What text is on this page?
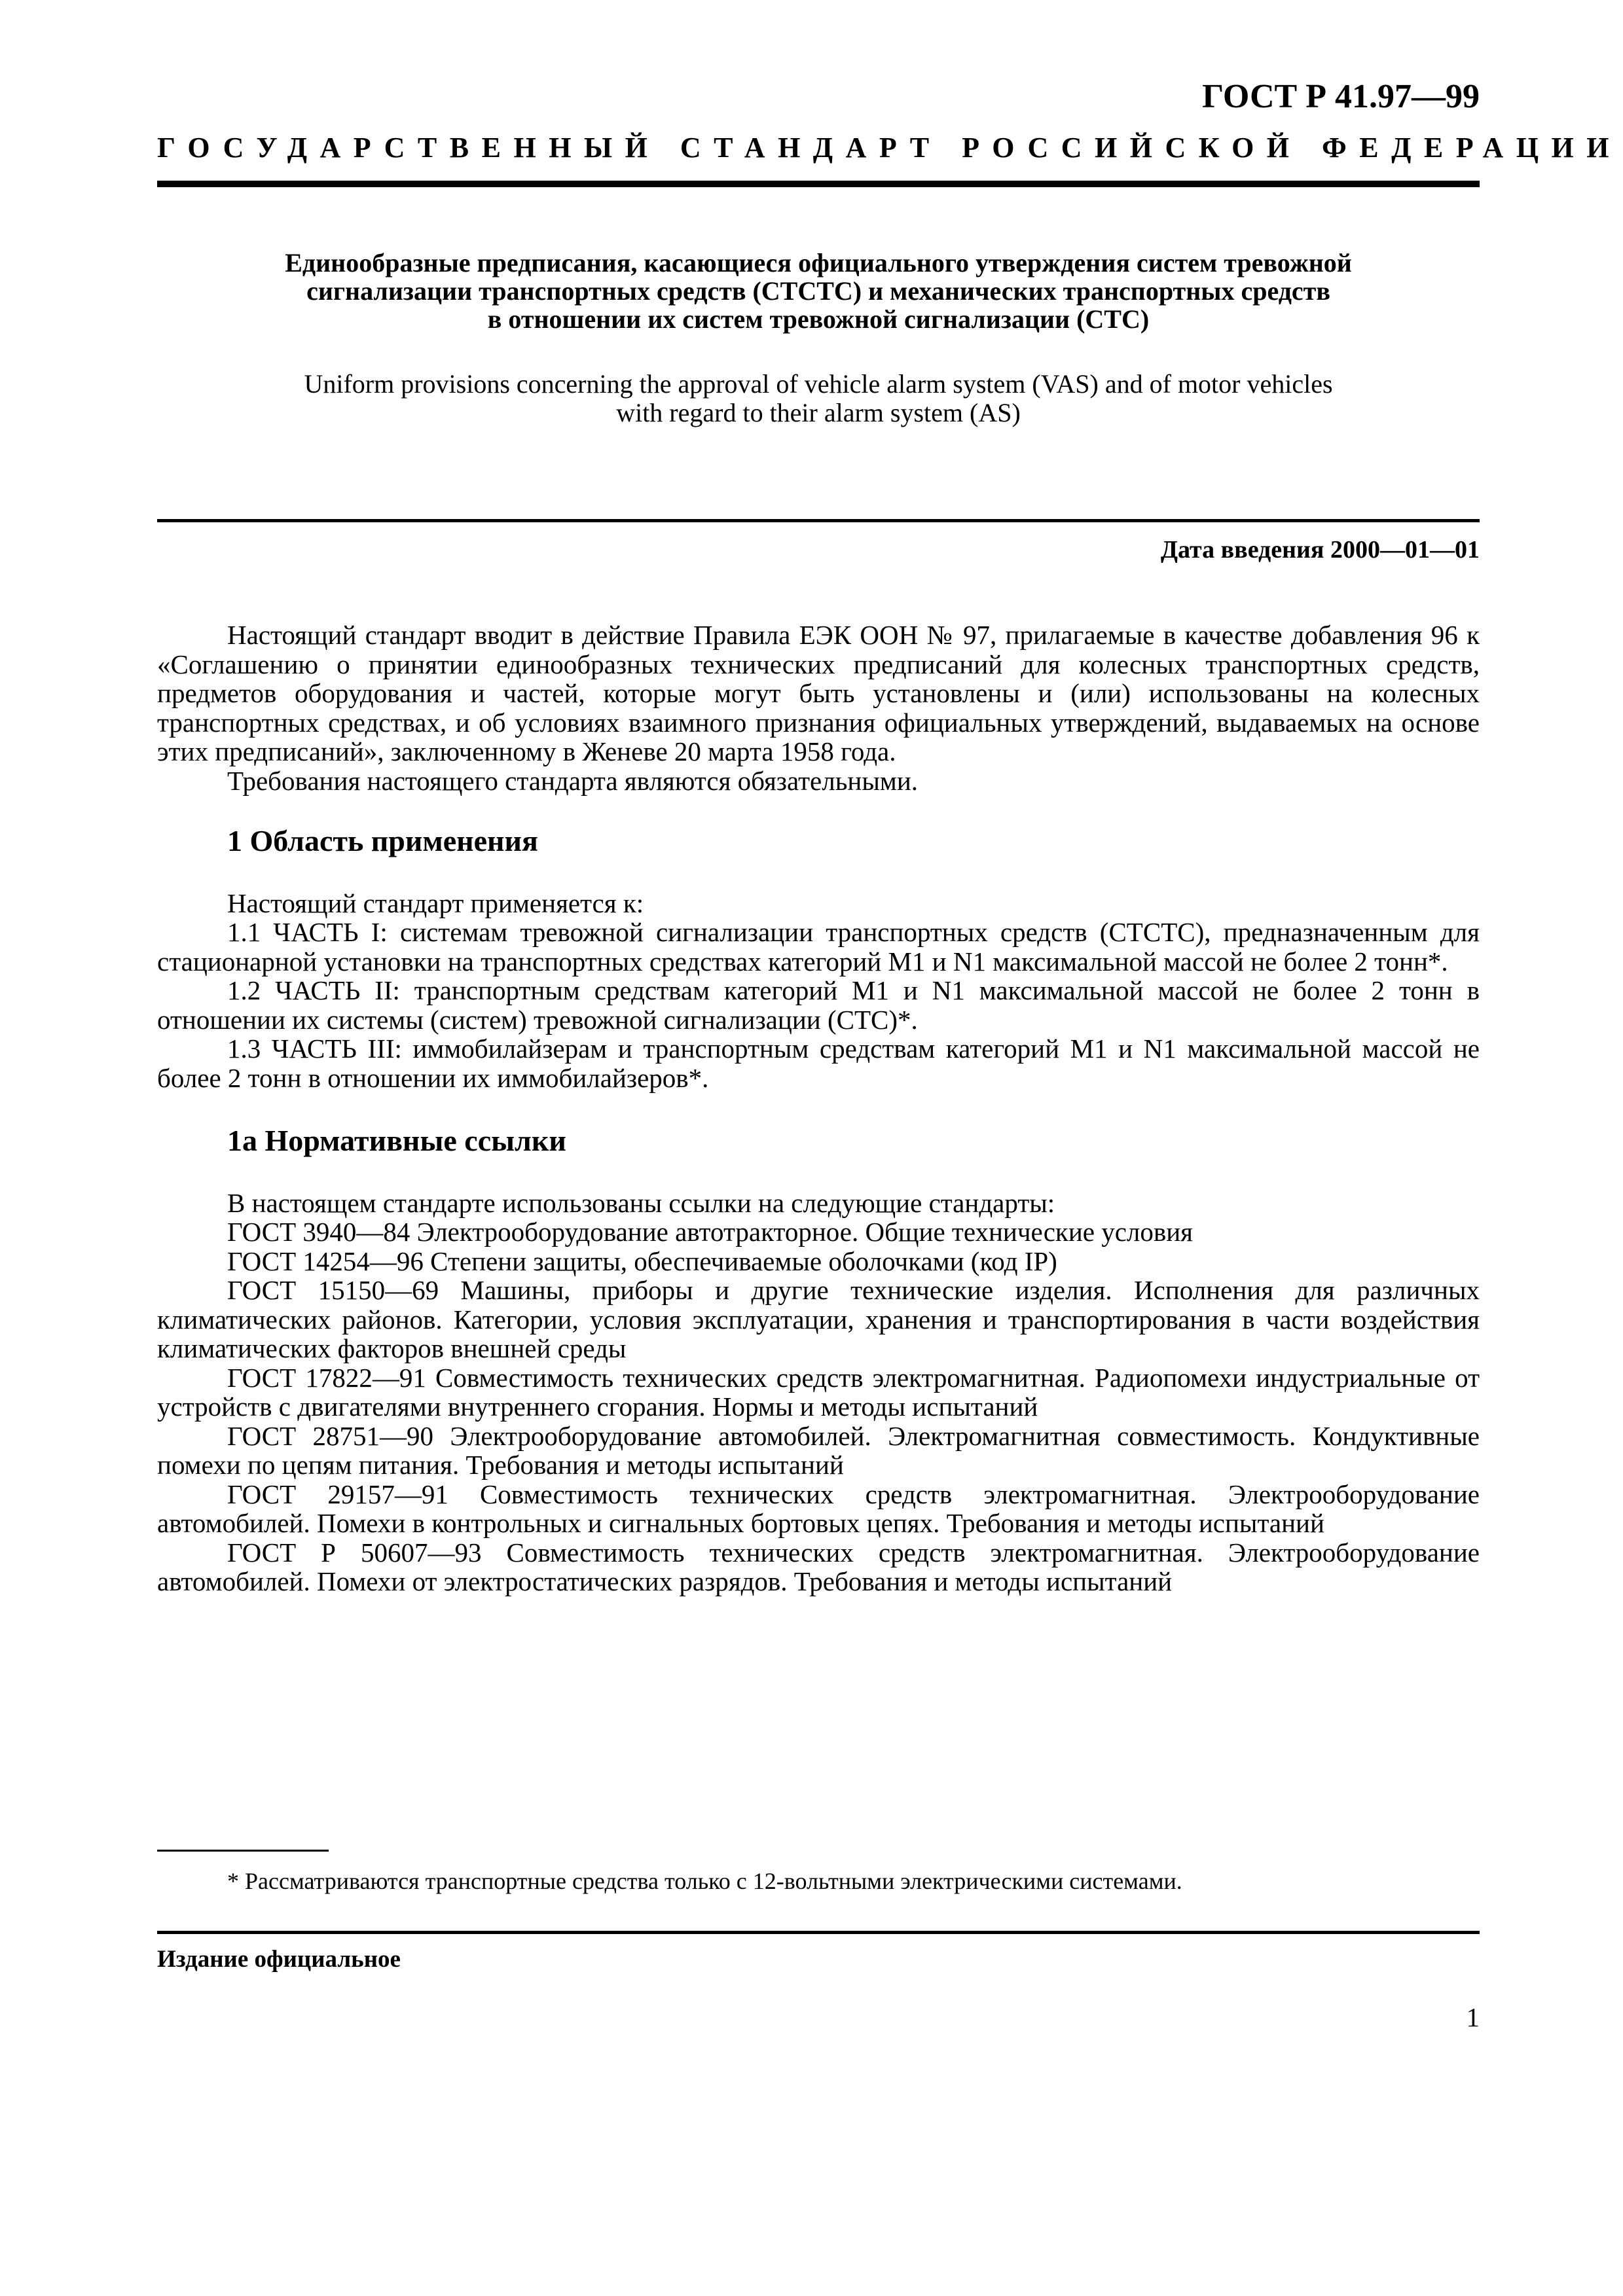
ГОСТ Р 41.97—99

ГОСУДАРСТВЕННЫЙ СТАНДАРТ РОССИЙСКОЙ ФЕДЕРАЦИИ

Единообразные предписания, касающиеся официального утверждения систем тревожной
сигнализации транспортных средств (СТСТС) и механических транспортных средств
в отношении их систем тревожной сигнализации (СТС)
Uniform provisions concerning the approval of vehicle alarm system (VAS) and of motor vehicles
with regard to their alarm system (AS)

Дата введения 2000—01—01

Настоящий стандарт вводит в действие Правила ЕЭК ООН № 97, прилагаемые в качестве добавления 96 к «Соглашению о принятии единообразных технических предписаний для колесных транспортных средств, предметов оборудования и частей, которые могут быть установлены и (или) использованы на колесных транспортных средствах, и об условиях взаимного признания официальных утверждений, выдаваемых на основе этих предписаний», заключенному в Женеве 20 марта 1958 года.

Требования настоящего стандарта являются обязательными.

1 Область применения

Настоящий стандарт применяется к:

1.1 ЧАСТЬ I: системам тревожной сигнализации транспортных средств (СТСТС), предназначенным для стационарной установки на транспортных средствах категорий М1 и N1 максимальной массой не более 2 тонн*.

1.2 ЧАСТЬ II: транспортным средствам категорий М1 и N1 максимальной массой не более 2 тонн в отношении их системы (систем) тревожной сигнализации (СТС)*.

1.3 ЧАСТЬ III: иммобилайзерам и транспортным средствам категорий М1 и N1 максимальной массой не более 2 тонн в отношении их иммобилайзеров*.

1а Нормативные ссылки

В настоящем стандарте использованы ссылки на следующие стандарты:

ГОСТ 3940—84 Электрооборудование автотракторное. Общие технические условия

ГОСТ 14254—96 Степени защиты, обеспечиваемые оболочками (код IP)

ГОСТ 15150—69 Машины, приборы и другие технические изделия. Исполнения для различных климатических районов. Категории, условия эксплуатации, хранения и транспортирования в части воздействия климатических факторов внешней среды

ГОСТ 17822—91 Совместимость технических средств электромагнитная. Радиопомехи индустриальные от устройств с двигателями внутреннего сгорания. Нормы и методы испытаний

ГОСТ 28751—90 Электрооборудование автомобилей. Электромагнитная совместимость. Кондуктивные помехи по цепям питания. Требования и методы испытаний

ГОСТ 29157—91 Совместимость технических средств электромагнитная. Электрооборудование автомобилей. Помехи в контрольных и сигнальных бортовых цепях. Требования и методы испытаний

ГОСТ Р 50607—93 Совместимость технических средств электромагнитная. Электрооборудование автомобилей. Помехи от электростатических разрядов. Требования и методы испытаний

* Рассматриваются транспортные средства только с 12-вольтными электрическими системами.

Издание официальное

1
